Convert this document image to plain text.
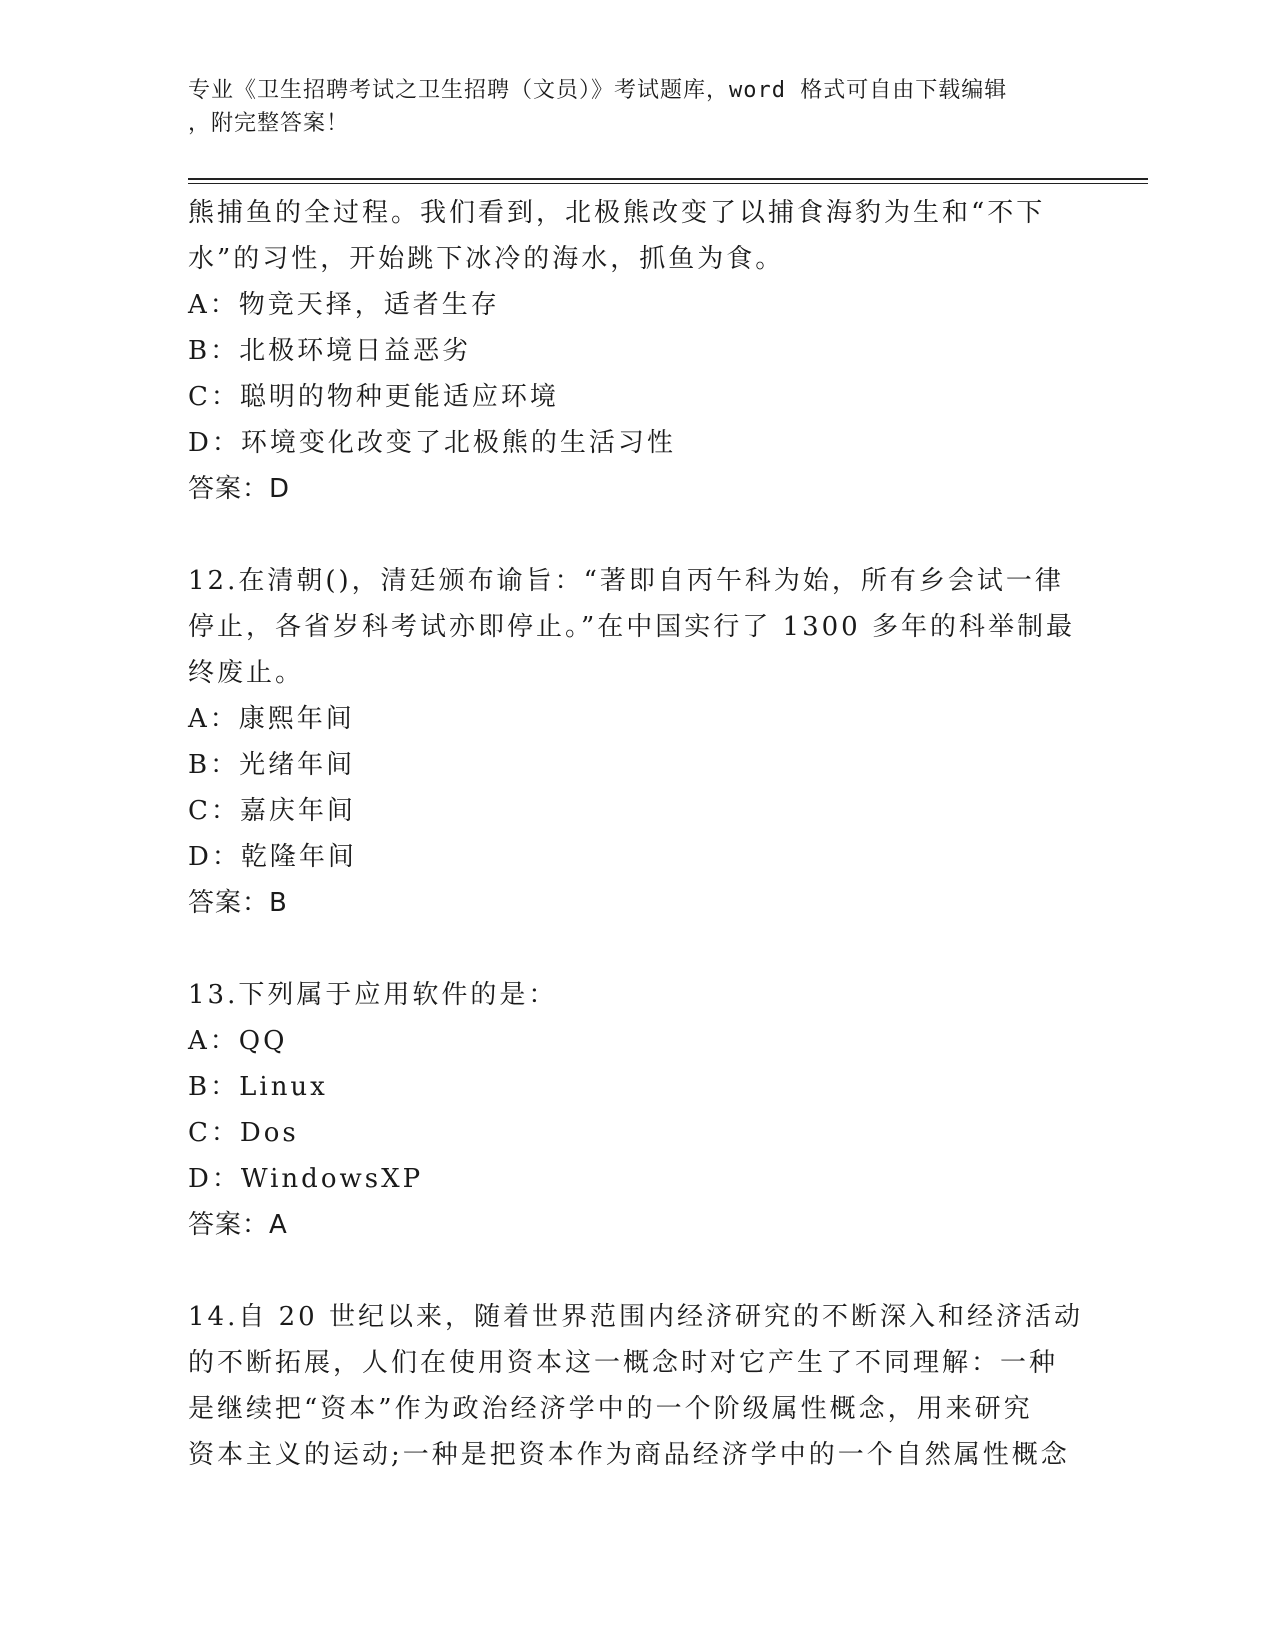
专业《卫生招聘考试之卫生招聘（文员）》考试题库，word 格式可自由下载编辑
，附完整答案！

熊捕鱼的全过程。我们看到，北极熊改变了以捕食海豹为生和“不下

水”的习性，开始跳下冰冷的海水，抓鱼为食。

A：物竞天择，适者生存

B：北极环境日益恶劣

C：聪明的物种更能适应环境

D：环境变化改变了北极熊的生活习性

答案：D

12.在清朝()，清廷颁布谕旨：“著即自丙午科为始，所有乡会试一律

停止，各省岁科考试亦即停止。”在中国实行了 1300 多年的科举制最

终废止。

A：康熙年间

B：光绪年间

C：嘉庆年间

D：乾隆年间

答案：B

13.下列属于应用软件的是：

A：QQ

B：Linux

C：Dos

D：WindowsXP

答案：A

14.自 20 世纪以来，随着世界范围内经济研究的不断深入和经济活动

的不断拓展，人们在使用资本这一概念时对它产生了不同理解：一种

是继续把“资本”作为政治经济学中的一个阶级属性概念，用来研究

资本主义的运动;一种是把资本作为商品经济学中的一个自然属性概念
